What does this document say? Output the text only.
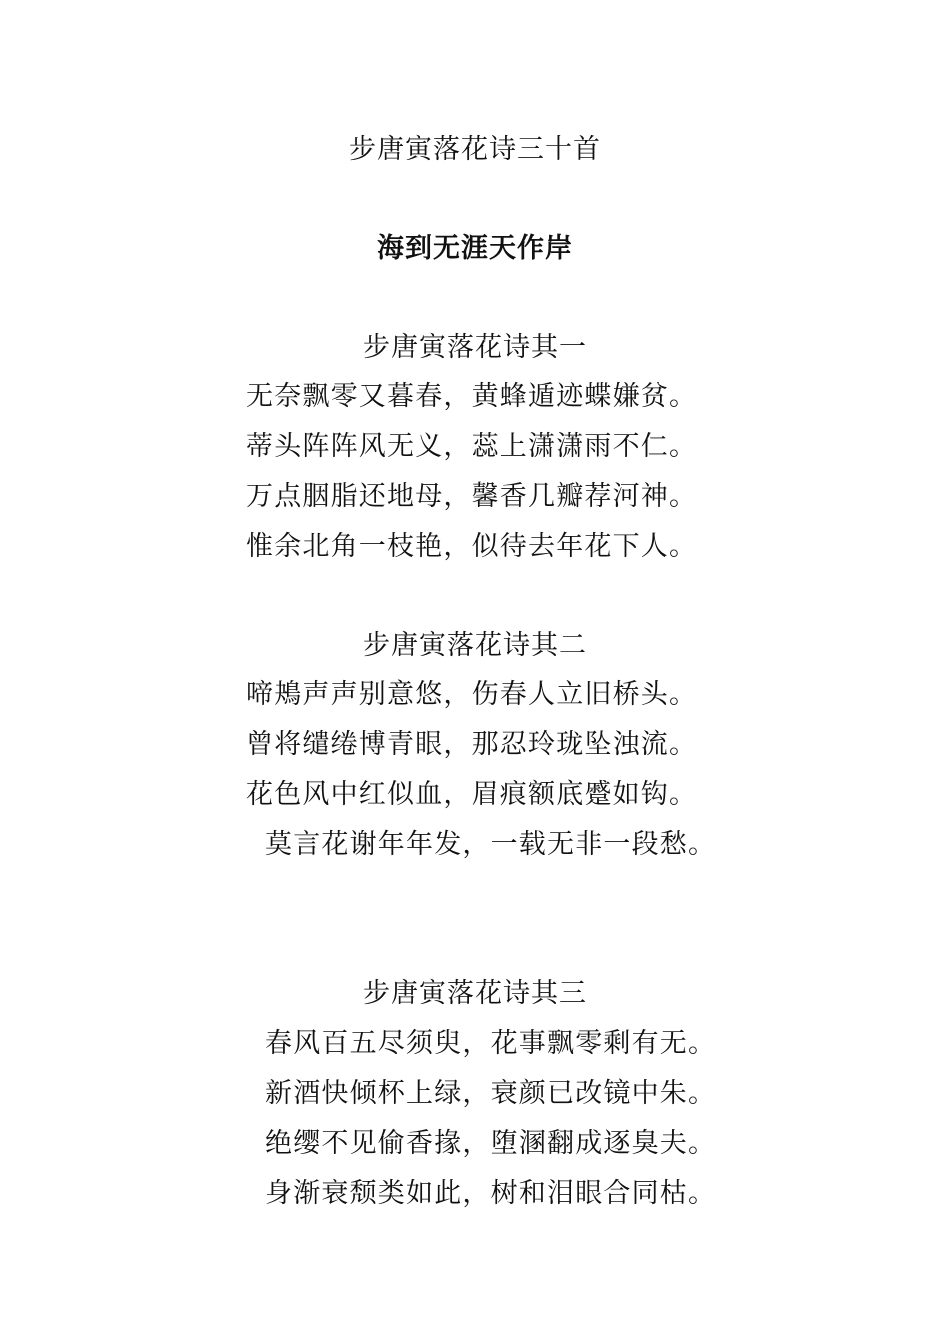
步唐寅落花诗三十首
海到无涯天作岸
步唐寅落花诗其一
无奈飘零又暮春，黄蜂遁迹蝶嫌贫。
蒂头阵阵风无义，蕊上潇潇雨不仁。
万点胭脂还地母，馨香几瓣荐河神。
惟余北角一枝艳，似待去年花下人。
步唐寅落花诗其二
啼鴂声声别意悠，伤春人立旧桥头。
曾将缱绻博青眼，那忍玲珑坠浊流。
花色风中红似血，眉痕额底蹙如钩。
莫言花谢年年发，一载无非一段愁。
步唐寅落花诗其三
春风百五尽须臾，花事飘零剩有无。
新酒快倾杯上绿，衰颜已改镜中朱。
绝缨不见偷香掾，堕溷翻成逐臭夫。
身渐衰颓类如此，树和泪眼合同枯。
